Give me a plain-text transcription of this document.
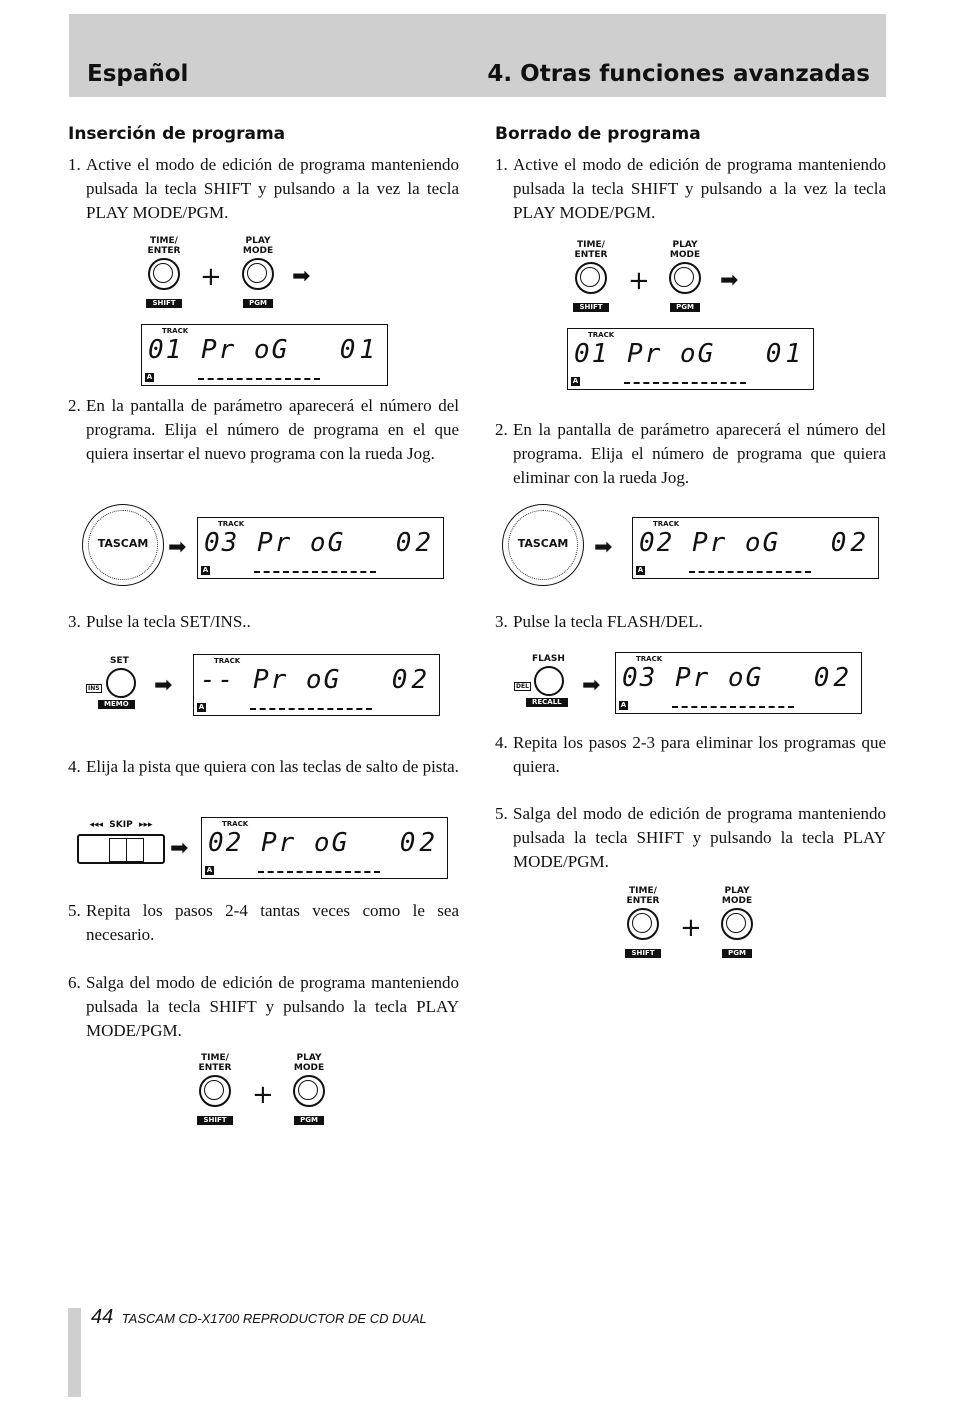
Español	4. Otras funciones avanzadas
Inserción de programa
1. Active el modo de edición de programa manteniendo pulsada la tecla SHIFT y pulsando a la vez la tecla PLAY MODE/PGM.
TIME/
ENTER
SHIFT
+
PLAY
MODE
PGM
➡
TRACK
01 Pr oG 01
A
2. En la pantalla de parámetro aparecerá el número del programa. Elija el número de programa en el que quiera insertar el nuevo programa con la rueda Jog.
TASCAM ➡
TRACK
03 Pr oG 02
A
3. Pulse la tecla SET/INS..
SET
INS
MEMO
➡
TRACK
-- Pr oG 02
A
4. Elija la pista que quiera con las teclas de salto de pista.
◂◂◂  SKIP  ▸▸▸
➡
TRACK
02 Pr oG 02
A
5. Repita los pasos 2-4 tantas veces como le sea necesario.
6. Salga del modo de edición de programa manteniendo pulsada la tecla SHIFT y pulsando la tecla PLAY MODE/PGM.
TIME/
ENTER
SHIFT
+
PLAY
MODE
PGM
Borrado de programa
1. Active el modo de edición de programa manteniendo pulsada la tecla SHIFT y pulsando a la vez la tecla PLAY MODE/PGM.
TIME/
ENTER
SHIFT
+
PLAY
MODE
PGM
➡
TRACK
01 Pr oG 01
A
2. En la pantalla de parámetro aparecerá el número del programa. Elija el número de programa que quiera eliminar con la rueda Jog.
TASCAM	➡
TRACK
02 Pr oG 02
A
3. Pulse la tecla FLASH/DEL.
FLASH
DEL
RECALL
➡
TRACK
03 Pr oG 02
A
4. Repita los pasos 2-3 para eliminar los programas que quiera.
5. Salga del modo de edición de programa manteniendo pulsada la tecla SHIFT y pulsando la tecla PLAY MODE/PGM.
TIME/
ENTER
SHIFT
+
PLAY
MODE
PGM
44 TASCAM CD-X1700 REPRODUCTOR DE CD DUAL
